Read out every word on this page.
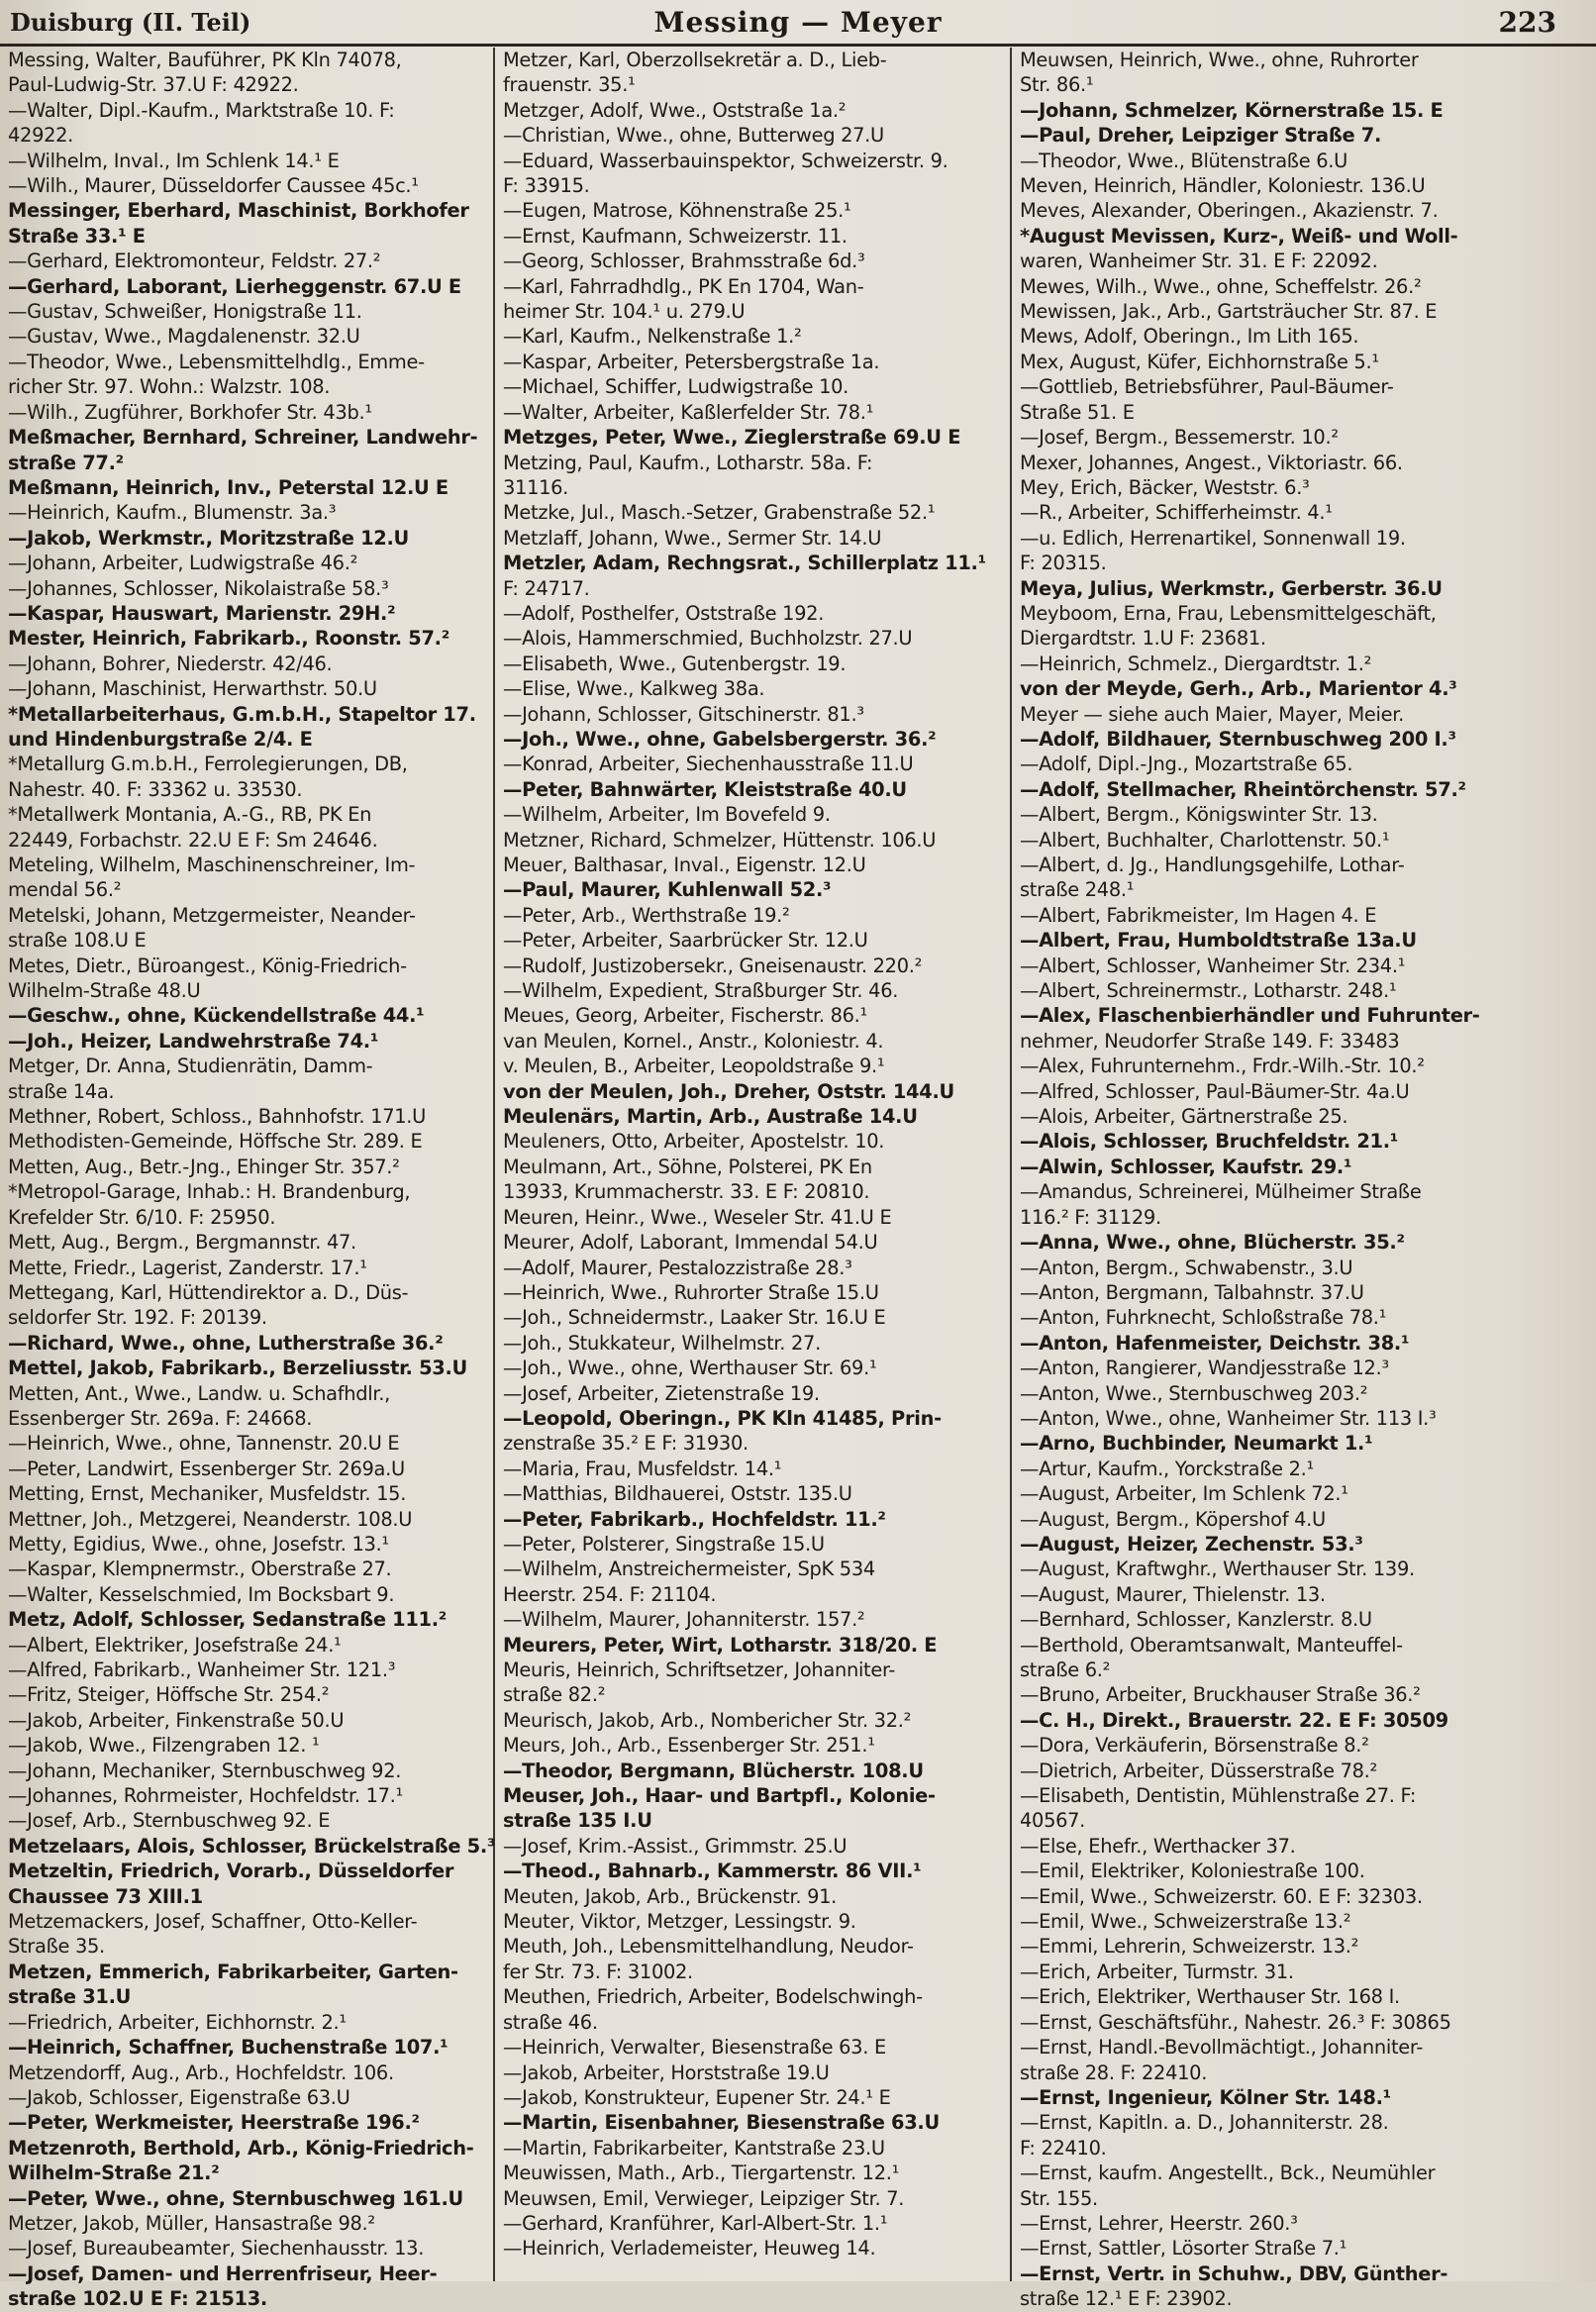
Duisburg (II. Teil)	Messing — Meyer	223
Messing, Walter, Bauführer, PK Kln 74078,
Paul-Ludwig-Str. 37.U F: 42922.
—Walter, Dipl.-Kaufm., Marktstraße 10. F:
42922.
—Wilhelm, Inval., Im Schlenk 14.¹ E
—Wilh., Maurer, Düsseldorfer Caussee 45c.¹
Messinger, Eberhard, Maschinist, Borkhofer
Straße 33.¹ E
—Gerhard, Elektromonteur, Feldstr. 27.²
—Gerhard, Laborant, Lierheggenstr. 67.U E
—Gustav, Schweißer, Honigstraße 11.
—Gustav, Wwe., Magdalenenstr. 32.U
—Theodor, Wwe., Lebensmittelhdlg., Emme-
richer Str. 97. Wohn.: Walzstr. 108.
—Wilh., Zugführer, Borkhofer Str. 43b.¹
Meßmacher, Bernhard, Schreiner, Landwehr-
straße 77.²
Meßmann, Heinrich, Inv., Peterstal 12.U E
—Heinrich, Kaufm., Blumenstr. 3a.³
—Jakob, Werkmstr., Moritzstraße 12.U
—Johann, Arbeiter, Ludwigstraße 46.²
—Johannes, Schlosser, Nikolaistraße 58.³
—Kaspar, Hauswart, Marienstr. 29H.²
Mester, Heinrich, Fabrikarb., Roonstr. 57.²
—Johann, Bohrer, Niederstr. 42/46.
—Johann, Maschinist, Herwarthstr. 50.U
*Metallarbeiterhaus, G.m.b.H., Stapeltor 17.
und Hindenburgstraße 2/4. E
*Metallurg G.m.b.H., Ferrolegierungen, DB,
Nahestr. 40. F: 33362 u. 33530.
*Metallwerk Montania, A.-G., RB, PK En
22449, Forbachstr. 22.U E F: Sm 24646.
Meteling, Wilhelm, Maschinenschreiner, Im-
mendal 56.²
Metelski, Johann, Metzgermeister, Neander-
straße 108.U E
Metes, Dietr., Büroangest., König-Friedrich-
Wilhelm-Straße 48.U
—Geschw., ohne, Kückendellstraße 44.¹
—Joh., Heizer, Landwehrstraße 74.¹
Metger, Dr. Anna, Studienrätin, Damm-
straße 14a.
Methner, Robert, Schloss., Bahnhofstr. 171.U
Methodisten-Gemeinde, Höffsche Str. 289. E
Metten, Aug., Betr.-Jng., Ehinger Str. 357.²
*Metropol-Garage, Inhab.: H. Brandenburg,
Krefelder Str. 6/10. F: 25950.
Mett, Aug., Bergm., Bergmannstr. 47.
Mette, Friedr., Lagerist, Zanderstr. 17.¹
Mettegang, Karl, Hüttendirektor a. D., Düs-
seldorfer Str. 192. F: 20139.
—Richard, Wwe., ohne, Lutherstraße 36.²
Mettel, Jakob, Fabrikarb., Berzeliusstr. 53.U
Metten, Ant., Wwe., Landw. u. Schafhdlr.,
Essenberger Str. 269a. F: 24668.
—Heinrich, Wwe., ohne, Tannenstr. 20.U E
—Peter, Landwirt, Essenberger Str. 269a.U
Metting, Ernst, Mechaniker, Musfeldstr. 15.
Mettner, Joh., Metzgerei, Neanderstr. 108.U
Metty, Egidius, Wwe., ohne, Josefstr. 13.¹
—Kaspar, Klempnermstr., Oberstraße 27.
—Walter, Kesselschmied, Im Bocksbart 9.
Metz, Adolf, Schlosser, Sedanstraße 111.²
—Albert, Elektriker, Josefstraße 24.¹
—Alfred, Fabrikarb., Wanheimer Str. 121.³
—Fritz, Steiger, Höffsche Str. 254.²
—Jakob, Arbeiter, Finkenstraße 50.U
—Jakob, Wwe., Filzengraben 12. ¹
—Johann, Mechaniker, Sternbuschweg 92.
—Johannes, Rohrmeister, Hochfeldstr. 17.¹
—Josef, Arb., Sternbuschweg 92. E
Metzelaars, Alois, Schlosser, Brückelstraße 5.³
Metzeltin, Friedrich, Vorarb., Düsseldorfer
Chaussee 73 XIII.1
Metzemackers, Josef, Schaffner, Otto-Keller-
Straße 35.
Metzen, Emmerich, Fabrikarbeiter, Garten-
straße 31.U
—Friedrich, Arbeiter, Eichhornstr. 2.¹
—Heinrich, Schaffner, Buchenstraße 107.¹
Metzendorff, Aug., Arb., Hochfeldstr. 106.
—Jakob, Schlosser, Eigenstraße 63.U
—Peter, Werkmeister, Heerstraße 196.²
Metzenroth, Berthold, Arb., König-Friedrich-
Wilhelm-Straße 21.²
—Peter, Wwe., ohne, Sternbuschweg 161.U
Metzer, Jakob, Müller, Hansastraße 98.²
—Josef, Bureaubeamter, Siechenhausstr. 13.
—Josef, Damen- und Herrenfriseur, Heer-
straße 102.U E F: 21513.
Metzer, Karl, Oberzollsekretär a. D., Lieb-
frauenstr. 35.¹
Metzger, Adolf, Wwe., Oststraße 1a.²
—Christian, Wwe., ohne, Butterweg 27.U
—Eduard, Wasserbauinspektor, Schweizerstr. 9.
F: 33915.
—Eugen, Matrose, Köhnenstraße 25.¹
—Ernst, Kaufmann, Schweizerstr. 11.
—Georg, Schlosser, Brahmsstraße 6d.³
—Karl, Fahrradhdlg., PK En 1704, Wan-
heimer Str. 104.¹ u. 279.U
—Karl, Kaufm., Nelkenstraße 1.²
—Kaspar, Arbeiter, Petersbergstraße 1a.
—Michael, Schiffer, Ludwigstraße 10.
—Walter, Arbeiter, Kaßlerfelder Str. 78.¹
Metzges, Peter, Wwe., Zieglerstraße 69.U E
Metzing, Paul, Kaufm., Lotharstr. 58a. F:
31116.
Metzke, Jul., Masch.-Setzer, Grabenstraße 52.¹
Metzlaff, Johann, Wwe., Sermer Str. 14.U
Metzler, Adam, Rechngsrat., Schillerplatz 11.¹
F: 24717.
—Adolf, Posthelfer, Oststraße 192.
—Alois, Hammerschmied, Buchholzstr. 27.U
—Elisabeth, Wwe., Gutenbergstr. 19.
—Elise, Wwe., Kalkweg 38a.
—Johann, Schlosser, Gitschinerstr. 81.³
—Joh., Wwe., ohne, Gabelsbergerstr. 36.²
—Konrad, Arbeiter, Siechenhausstraße 11.U
—Peter, Bahnwärter, Kleiststraße 40.U
—Wilhelm, Arbeiter, Im Bovefeld 9.
Metzner, Richard, Schmelzer, Hüttenstr. 106.U
Meuer, Balthasar, Inval., Eigenstr. 12.U
—Paul, Maurer, Kuhlenwall 52.³
—Peter, Arb., Werthstraße 19.²
—Peter, Arbeiter, Saarbrücker Str. 12.U
—Rudolf, Justizobersekr., Gneisenaustr. 220.²
—Wilhelm, Expedient, Straßburger Str. 46.
Meues, Georg, Arbeiter, Fischerstr. 86.¹
van Meulen, Kornel., Anstr., Koloniestr. 4.
v. Meulen, B., Arbeiter, Leopoldstraße 9.¹
von der Meulen, Joh., Dreher, Oststr. 144.U
Meulenärs, Martin, Arb., Austraße 14.U
Meuleners, Otto, Arbeiter, Apostelstr. 10.
Meulmann, Art., Söhne, Polsterei, PK En
13933, Krummacherstr. 33. E F: 20810.
Meuren, Heinr., Wwe., Weseler Str. 41.U E
Meurer, Adolf, Laborant, Immendal 54.U
—Adolf, Maurer, Pestalozzistraße 28.³
—Heinrich, Wwe., Ruhrorter Straße 15.U
—Joh., Schneidermstr., Laaker Str. 16.U E
—Joh., Stukkateur, Wilhelmstr. 27.
—Joh., Wwe., ohne, Werthauser Str. 69.¹
—Josef, Arbeiter, Zietenstraße 19.
—Leopold, Oberingn., PK Kln 41485, Prin-
zenstraße 35.² E F: 31930.
—Maria, Frau, Musfeldstr. 14.¹
—Matthias, Bildhauerei, Oststr. 135.U
—Peter, Fabrikarb., Hochfeldstr. 11.²
—Peter, Polsterer, Singstraße 15.U
—Wilhelm, Anstreichermeister, SpK 534
Heerstr. 254. F: 21104.
—Wilhelm, Maurer, Johanniterstr. 157.²
Meurers, Peter, Wirt, Lotharstr. 318/20. E
Meuris, Heinrich, Schriftsetzer, Johanniter-
straße 82.²
Meurisch, Jakob, Arb., Nombericher Str. 32.²
Meurs, Joh., Arb., Essenberger Str. 251.¹
—Theodor, Bergmann, Blücherstr. 108.U
Meuser, Joh., Haar- und Bartpfl., Kolonie-
straße 135 I.U
—Josef, Krim.-Assist., Grimmstr. 25.U
—Theod., Bahnarb., Kammerstr. 86 VII.¹
Meuten, Jakob, Arb., Brückenstr. 91.
Meuter, Viktor, Metzger, Lessingstr. 9.
Meuth, Joh., Lebensmittelhandlung, Neudor-
fer Str. 73. F: 31002.
Meuthen, Friedrich, Arbeiter, Bodelschwingh-
straße 46.
—Heinrich, Verwalter, Biesenstraße 63. E
—Jakob, Arbeiter, Horststraße 19.U
—Jakob, Konstrukteur, Eupener Str. 24.¹ E
—Martin, Eisenbahner, Biesenstraße 63.U
—Martin, Fabrikarbeiter, Kantstraße 23.U
Meuwissen, Math., Arb., Tiergartenstr. 12.¹
Meuwsen, Emil, Verwieger, Leipziger Str. 7.
—Gerhard, Kranführer, Karl-Albert-Str. 1.¹
—Heinrich, Verlademeister, Heuweg 14.
Meuwsen, Heinrich, Wwe., ohne, Ruhrorter
Str. 86.¹
—Johann, Schmelzer, Körnerstraße 15. E
—Paul, Dreher, Leipziger Straße 7.
—Theodor, Wwe., Blütenstraße 6.U
Meven, Heinrich, Händler, Koloniestr. 136.U
Meves, Alexander, Oberingen., Akazienstr. 7.
*August Mevissen, Kurz-, Weiß- und Woll-
waren, Wanheimer Str. 31. E F: 22092.
Mewes, Wilh., Wwe., ohne, Scheffelstr. 26.²
Mewissen, Jak., Arb., Gartsträucher Str. 87. E
Mews, Adolf, Oberingn., Im Lith 165.
Mex, August, Küfer, Eichhornstraße 5.¹
—Gottlieb, Betriebsführer, Paul-Bäumer-
Straße 51. E
—Josef, Bergm., Bessemerstr. 10.²
Mexer, Johannes, Angest., Viktoriastr. 66.
Mey, Erich, Bäcker, Weststr. 6.³
—R., Arbeiter, Schifferheimstr. 4.¹
—u. Edlich, Herrenartikel, Sonnenwall 19.
F: 20315.
Meya, Julius, Werkmstr., Gerberstr. 36.U
Meyboom, Erna, Frau, Lebensmittelgeschäft,
Diergardtstr. 1.U F: 23681.
—Heinrich, Schmelz., Diergardtstr. 1.²
von der Meyde, Gerh., Arb., Marientor 4.³
Meyer — siehe auch Maier, Mayer, Meier.
—Adolf, Bildhauer, Sternbuschweg 200 I.³
—Adolf, Dipl.-Jng., Mozartstraße 65.
—Adolf, Stellmacher, Rheintörchenstr. 57.²
—Albert, Bergm., Königswinter Str. 13.
—Albert, Buchhalter, Charlottenstr. 50.¹
—Albert, d. Jg., Handlungsgehilfe, Lothar-
straße 248.¹
—Albert, Fabrikmeister, Im Hagen 4. E
—Albert, Frau, Humboldtstraße 13a.U
—Albert, Schlosser, Wanheimer Str. 234.¹
—Albert, Schreinermstr., Lotharstr. 248.¹
—Alex, Flaschenbierhändler und Fuhrunter-
nehmer, Neudorfer Straße 149. F: 33483
—Alex, Fuhrunternehm., Frdr.-Wilh.-Str. 10.²
—Alfred, Schlosser, Paul-Bäumer-Str. 4a.U
—Alois, Arbeiter, Gärtnerstraße 25.
—Alois, Schlosser, Bruchfeldstr. 21.¹
—Alwin, Schlosser, Kaufstr. 29.¹
—Amandus, Schreinerei, Mülheimer Straße
116.² F: 31129.
—Anna, Wwe., ohne, Blücherstr. 35.²
—Anton, Bergm., Schwabenstr., 3.U
—Anton, Bergmann, Talbahnstr. 37.U
—Anton, Fuhrknecht, Schloßstraße 78.¹
—Anton, Hafenmeister, Deichstr. 38.¹
—Anton, Rangierer, Wandjesstraße 12.³
—Anton, Wwe., Sternbuschweg 203.²
—Anton, Wwe., ohne, Wanheimer Str. 113 I.³
—Arno, Buchbinder, Neumarkt 1.¹
—Artur, Kaufm., Yorckstraße 2.¹
—August, Arbeiter, Im Schlenk 72.¹
—August, Bergm., Köpershof 4.U
—August, Heizer, Zechenstr. 53.³
—August, Kraftwghr., Werthauser Str. 139.
—August, Maurer, Thielenstr. 13.
—Bernhard, Schlosser, Kanzlerstr. 8.U
—Berthold, Oberamtsanwalt, Manteuffel-
straße 6.²
—Bruno, Arbeiter, Bruckhauser Straße 36.²
—C. H., Direkt., Brauerstr. 22. E F: 30509
—Dora, Verkäuferin, Börsenstraße 8.²
—Dietrich, Arbeiter, Düsserstraße 78.²
—Elisabeth, Dentistin, Mühlenstraße 27. F:
40567.
—Else, Ehefr., Werthacker 37.
—Emil, Elektriker, Koloniestraße 100.
—Emil, Wwe., Schweizerstr. 60. E F: 32303.
—Emil, Wwe., Schweizerstraße 13.²
—Emmi, Lehrerin, Schweizerstr. 13.²
—Erich, Arbeiter, Turmstr. 31.
—Erich, Elektriker, Werthauser Str. 168 I.
—Ernst, Geschäftsführ., Nahestr. 26.³ F: 30865
—Ernst, Handl.-Bevollmächtigt., Johanniter-
straße 28. F: 22410.
—Ernst, Ingenieur, Kölner Str. 148.¹
—Ernst, Kapitln. a. D., Johanniterstr. 28.
F: 22410.
—Ernst, kaufm. Angestellt., Bck., Neumühler
Str. 155.
—Ernst, Lehrer, Heerstr. 260.³
—Ernst, Sattler, Lösorter Straße 7.¹
—Ernst, Vertr. in Schuhw., DBV, Günther-
straße 12.¹ E F: 23902.
